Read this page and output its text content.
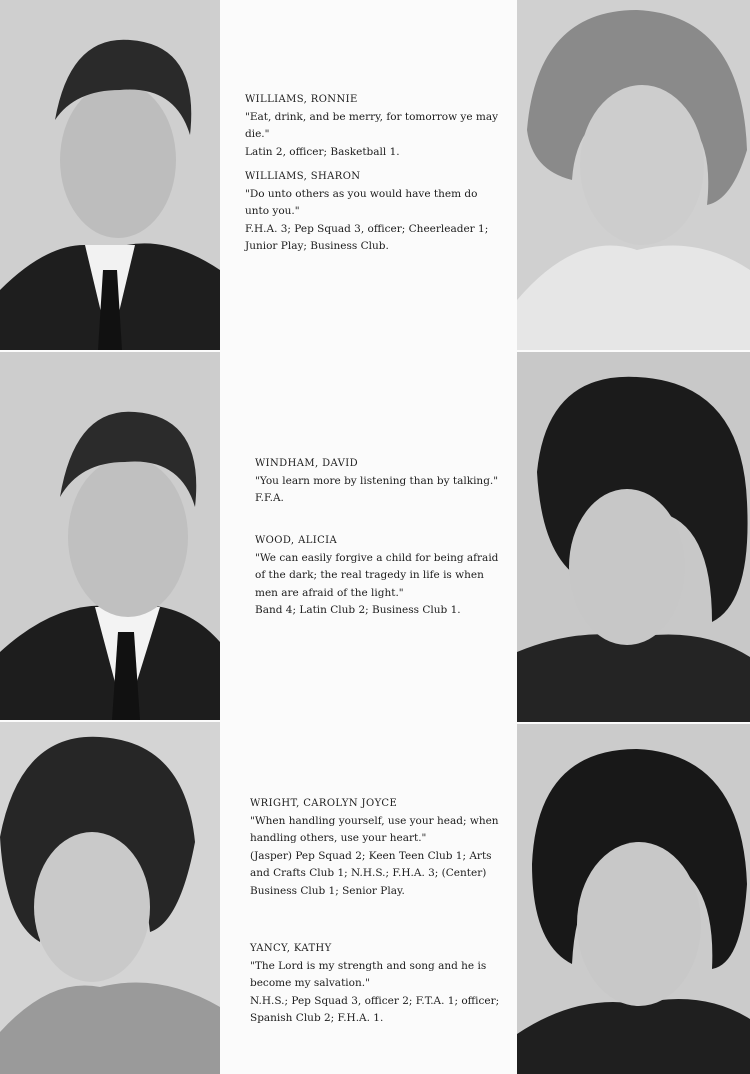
WILLIAMS, RONNIE
"Eat, drink, and be merry, for tomorrow ye may die."
Latin 2, officer; Basketball 1.
WILLIAMS, SHARON
"Do unto others as you would have them do unto you."
F.H.A. 3; Pep Squad 3, officer; Cheerleader 1; Junior Play; Business Club.
WINDHAM, DAVID
"You learn more by listening than by talking."
F.F.A.
WOOD, ALICIA
"We can easily forgive a child for being afraid of the dark; the real tragedy in life is when men are afraid of the light."
Band 4; Latin Club 2; Business Club 1.
WRIGHT, CAROLYN JOYCE
"When handling yourself, use your head; when handling others, use your heart."
(Jasper) Pep Squad 2; Keen Teen Club 1; Arts and Crafts Club 1; N.H.S.; F.H.A. 3; (Center) Business Club 1; Senior Play.
YANCY, KATHY
"The Lord is my strength and song and he is become my salvation."
N.H.S.; Pep Squad 3, officer 2; F.T.A. 1; officer; Spanish Club 2; F.H.A. 1.
